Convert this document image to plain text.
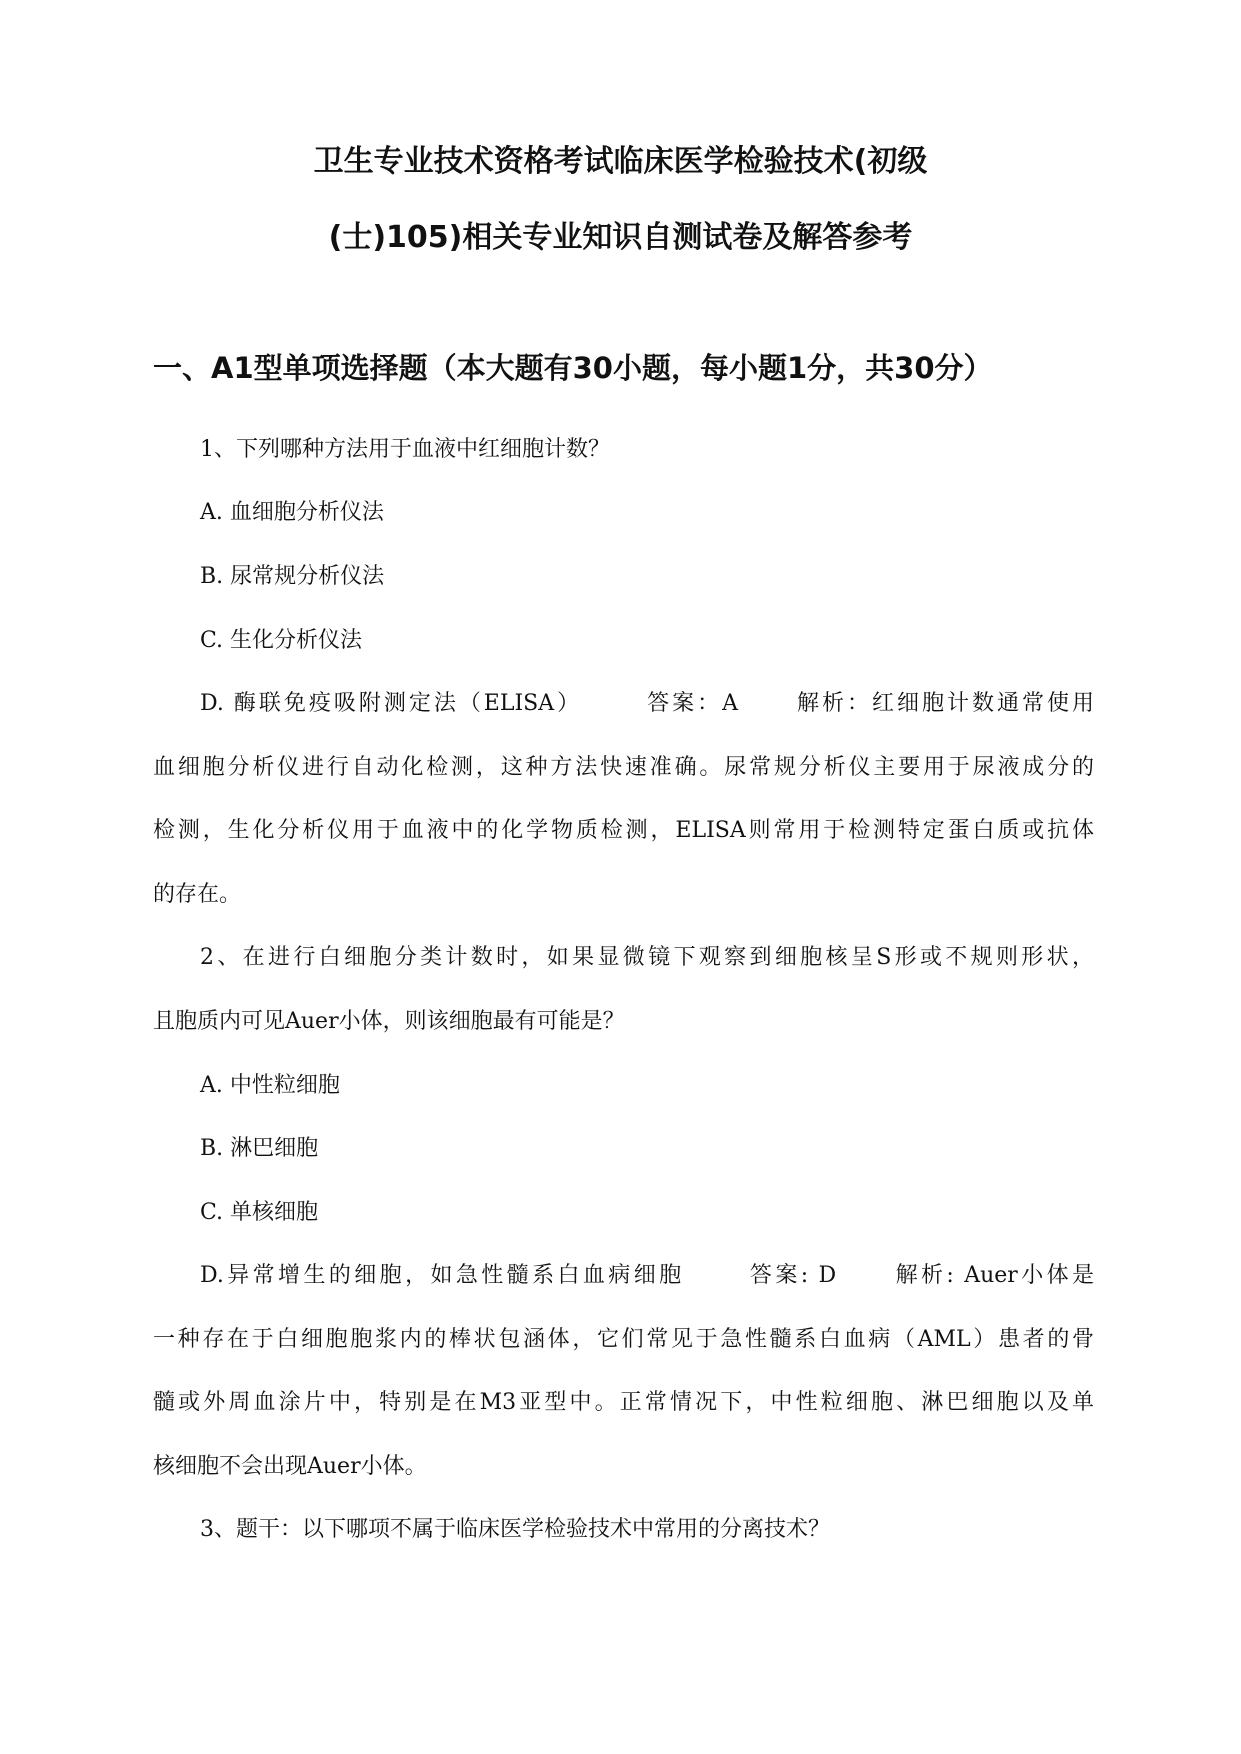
卫生专业技术资格考试临床医学检验技术(初级
(士)105)相关专业知识自测试卷及解答参考
一、A1型单项选择题（本大题有30小题，每小题1分，共30分）
1、下列哪种方法用于血液中红细胞计数？
A. 血细胞分析仪法
B. 尿常规分析仪法
C. 生化分析仪法
D. 酶联免疫吸附测定法（ELISA）	答案：A	解析：红细胞计数通常使用
血细胞分析仪进行自动化检测，这种方法快速准确。尿常规分析仪主要用于尿液成分的
检测，生化分析仪用于血液中的化学物质检测，ELISA则常用于检测特定蛋白质或抗体
的存在。
2、在进行白细胞分类计数时，如果显微镜下观察到细胞核呈S形或不规则形状，
且胞质内可见Auer小体，则该细胞最有可能是？
A. 中性粒细胞
B. 淋巴细胞
C. 单核细胞
D.异常增生的细胞，如急性髓系白血病细胞	答案: D	解析: Auer小体是
一种存在于白细胞胞浆内的棒状包涵体，它们常见于急性髓系白血病（AML）患者的骨
髓或外周血涂片中，特别是在M3亚型中。正常情况下，中性粒细胞、淋巴细胞以及单
核细胞不会出现Auer小体。
3、题干：以下哪项不属于临床医学检验技术中常用的分离技术？
